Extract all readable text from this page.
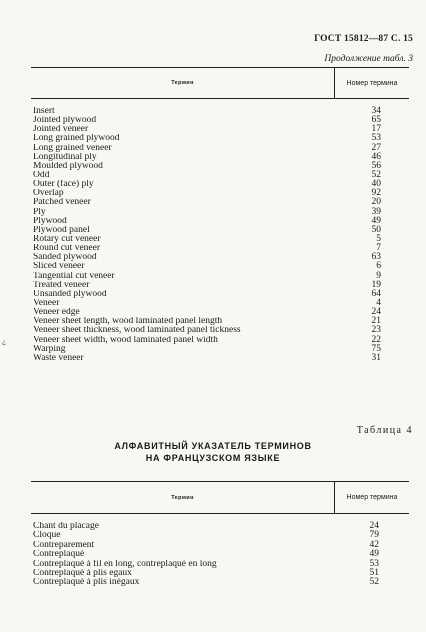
ГОСТ 15812—87 С. 15
Продолжение табл. 3
¿
Термин	Номер термина
Insert	34
Jointed plywood	65
Jointed veneer	17
Long grained plywood	53
Long grained veneer	27
Longitudinal ply	46
Moulded plywood	56
Odd	52
Outer (face) ply	40
Overlap	92
Patched veneer	20
Ply	39
Plywood	49
Plywood panel	50
Rotary cut veneer	5
Round cut veneer	7
Sanded plywood	63
Sliced veneer	6
Tangential cut veneer	9
Treated veneer	19
Unsanded plywood	64
Veneer	4
Veneer edge	24
Veneer sheet length, wood laminated panel length	21
Veneer sheet thickness, wood laminated panel tickness	23
Veneer sheet width, wood laminated panel width	22
Warping	75
Waste veneer	31
Таблица 4
АЛФАВИТНЫЙ УКАЗАТЕЛЬ ТЕРМИНОВ
НА ФРАНЦУЗСКОМ ЯЗЫКЕ
Термин	Номер термина
Chant du placage	24
Cloque	79
Contreparement	42
Contreplaqué	49
Contreplaqué à fil en long, contreplaqué en long	53
Contreplaqué à plis egaux	51
Contreplaqué à plis inégaux	52
